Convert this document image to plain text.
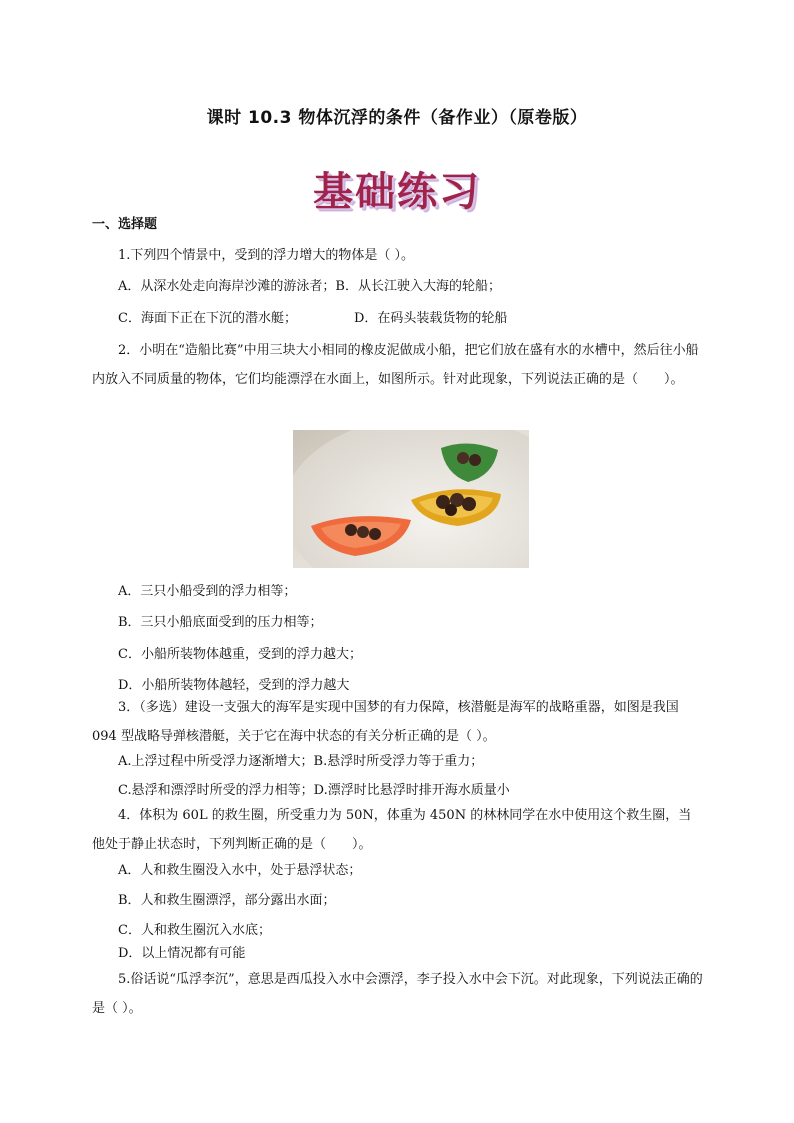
课时 10.3 物体沉浮的条件（备作业）（原卷版）
基础练习
一、选择题
1.下列四个情景中，受到的浮力增大的物体是（ ）。
A．从深水处走向海岸沙滩的游泳者；B．从长江驶入大海的轮船；
C．海面下正在下沉的潜水艇；	D．在码头装载货物的轮船
2．小明在“造船比赛”中用三块大小相同的橡皮泥做成小船，把它们放在盛有水的水槽中，然后往小船内放入不同质量的物体，它们均能漂浮在水面上，如图所示。针对此现象，下列说法正确的是（　　）。
A．三只小船受到的浮力相等；
B．三只小船底面受到的压力相等；
C．小船所装物体越重，受到的浮力越大；
D．小船所装物体越轻，受到的浮力越大
3．（多选）建设一支强大的海军是实现中国梦的有力保障，核潜艇是海军的战略重器，如图是我国 094 型战略导弹核潜艇，关于它在海中状态的有关分析正确的是（ ）。
A.上浮过程中所受浮力逐渐增大；B.悬浮时所受浮力等于重力；
C.悬浮和漂浮时所受的浮力相等；D.漂浮时比悬浮时排开海水质量小
4．体积为 60L 的救生圈，所受重力为 50N，体重为 450N 的林林同学在水中使用这个救生圈，当他处于静止状态时，下列判断正确的是（　　）。
A．人和救生圈没入水中，处于悬浮状态；
B．人和救生圈漂浮，部分露出水面；
C．人和救生圈沉入水底；
D．以上情况都有可能
5.俗话说“瓜浮李沉”，意思是西瓜投入水中会漂浮，李子投入水中会下沉。对此现象，下列说法正确的是（ ）。
